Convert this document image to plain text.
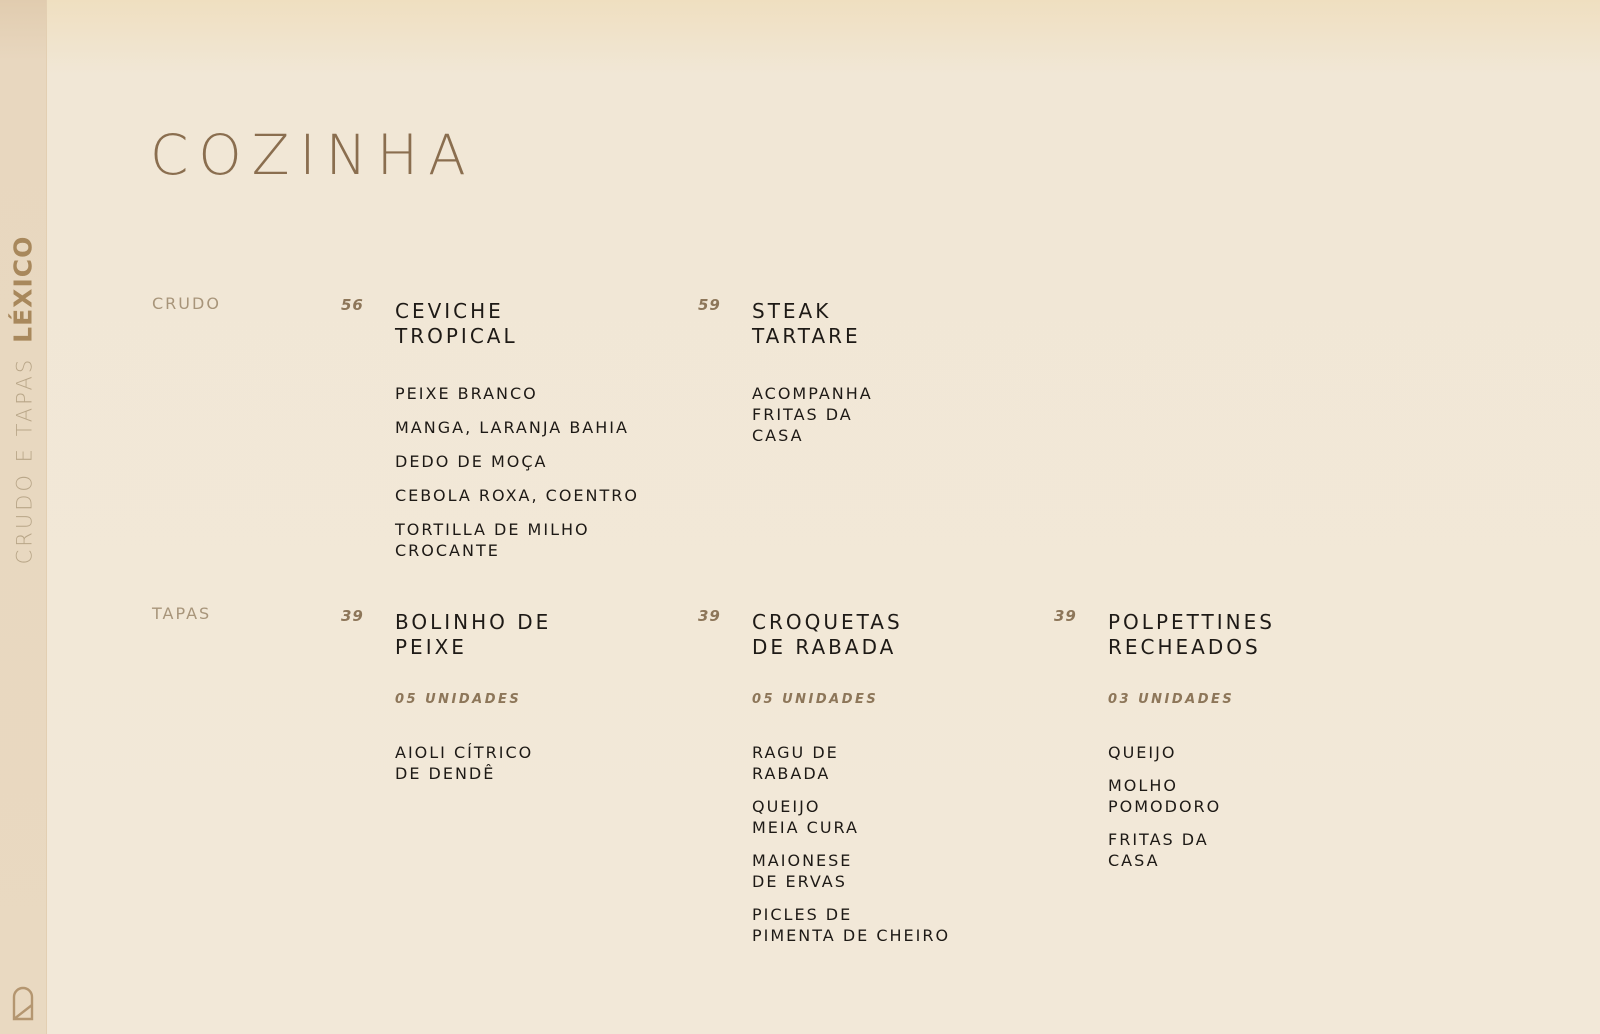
CRUDO E TAPAS
LÉXICO
COZINHA
CRUDO	56 CEVICHE
TROPICAL
PEIXE BRANCO
MANGA, LARANJA BAHIA
DEDO DE MOÇA
CEBOLA ROXA, COENTRO
TORTILLA DE MILHO
CROCANTE
59 STEAK
TARTARE
ACOMPANHA
FRITAS DA
CASA
TAPAS	39 BOLINHO DE
PEIXE
05 UNIDADES
AIOLI CÍTRICO
DE DENDÊ
39 CROQUETAS
DE RABADA
05 UNIDADES
RAGU DE
RABADA
QUEIJO
MEIA CURA
MAIONESE
DE ERVAS
PICLES DE
PIMENTA DE CHEIRO
39 POLPETTINES
RECHEADOS
03 UNIDADES
QUEIJO
MOLHO
POMODORO
FRITAS DA
CASA
